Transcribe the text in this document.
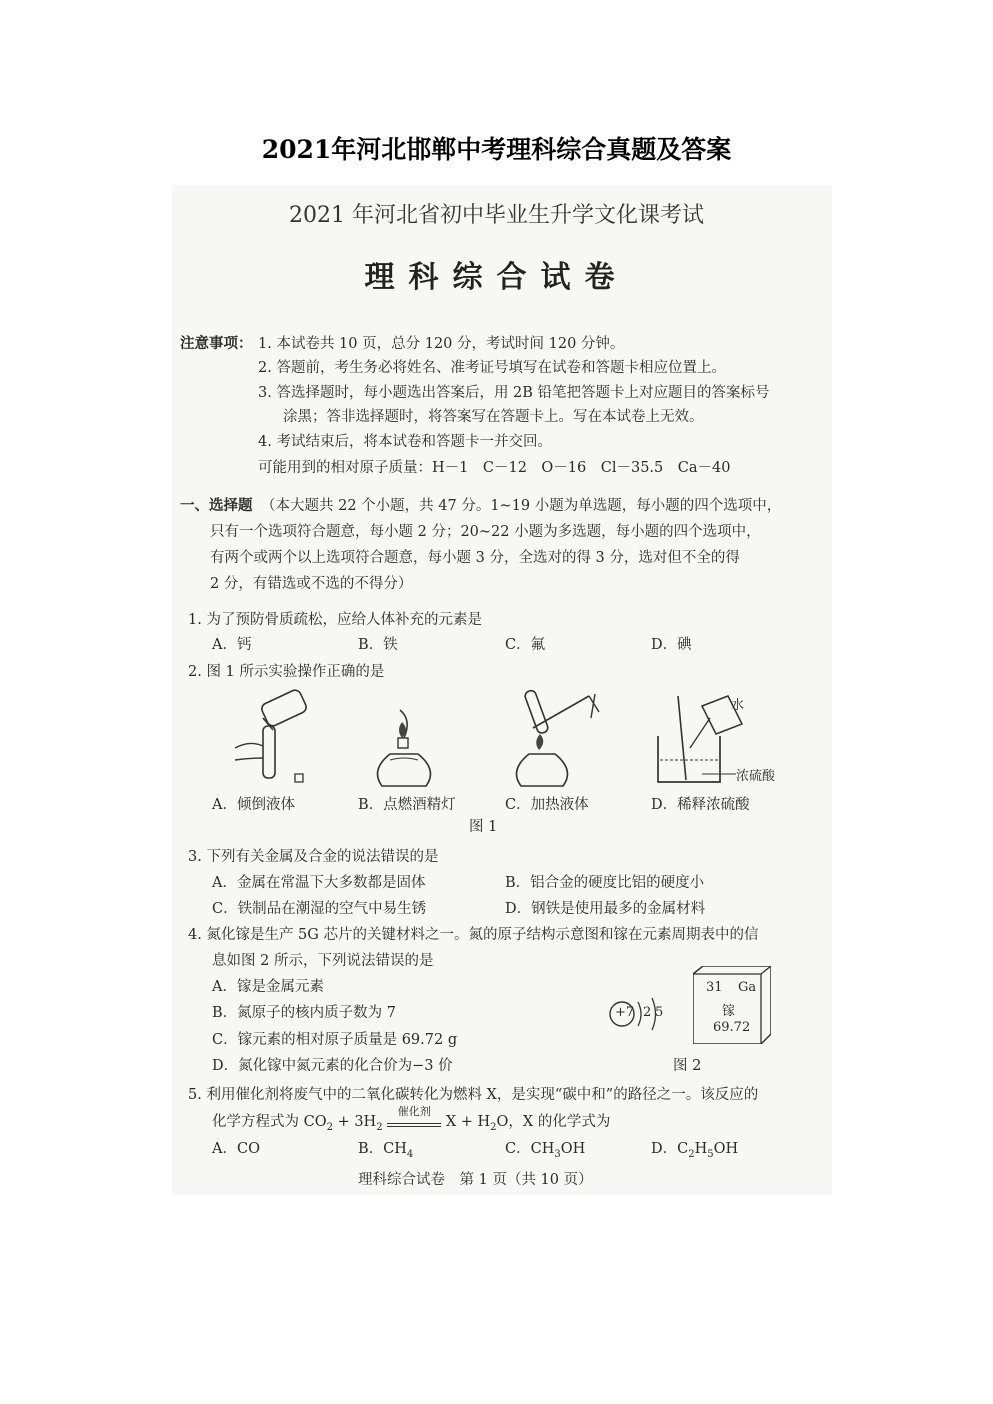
2021年河北邯郸中考理科综合真题及答案
2021 年河北省初中毕业生升学文化课考试
理科综合试卷
注意事项： 1. 本试卷共 10 页，总分 120 分，考试时间 120 分钟。
2. 答题前，考生务必将姓名、准考证号填写在试卷和答题卡相应位置上。
3. 答选择题时，每小题选出答案后，用 2B 铅笔把答题卡上对应题目的答案标号
涂黑；答非选择题时，将答案写在答题卡上。写在本试卷上无效。
4. 考试结束后，将本试卷和答题卡一并交回。
可能用到的相对原子质量：H－1　C－12　O－16　Cl－35.5　Ca－40
一、选择题 （本大题共 22 个小题，共 47 分。1~19 小题为单选题，每小题的四个选项中，
只有一个选项符合题意，每小题 2 分；20~22 小题为多选题，每小题的四个选项中，
有两个或两个以上选项符合题意，每小题 3 分，全选对的得 3 分，选对但不全的得
2 分，有错选或不选的不得分）
1. 为了预防骨质疏松，应给人体补充的元素是
A．钙	B．铁	C．氟	D．碘
2. 图 1 所示实验操作正确的是
水
浓硫酸
A．倾倒液体	B．点燃酒精灯	C．加热液体	D．稀释浓硫酸
图 1
3. 下列有关金属及合金的说法错误的是
A．金属在常温下大多数都是固体	B．铝合金的硬度比铝的硬度小
C．铁制品在潮湿的空气中易生锈	D．钢铁是使用最多的金属材料
4. 氮化镓是生产 5G 芯片的关键材料之一。氮的原子结构示意图和镓在元素周期表中的信
息如图 2 所示，下列说法错误的是
A．镓是金属元素
B．氮原子的核内质子数为 7
C．镓元素的相对原子质量是 69.72 g
D．氮化镓中氮元素的化合价为−3 价
+7 2 5
31 Ga
镓
69.72
图 2
5. 利用催化剂将废气中的二氧化碳转化为燃料 X，是实现“碳中和”的路径之一。该反应的
化学方程式为 $CO_2 + 3H_2$ $^{催化剂}$
$X + H_2O$，X 的化学式为
A．CO	B．$CH_4$	C．$CH_3OH$	D．$C_2H_5OH$
理科综合试卷　第 1 页（共 10 页）
